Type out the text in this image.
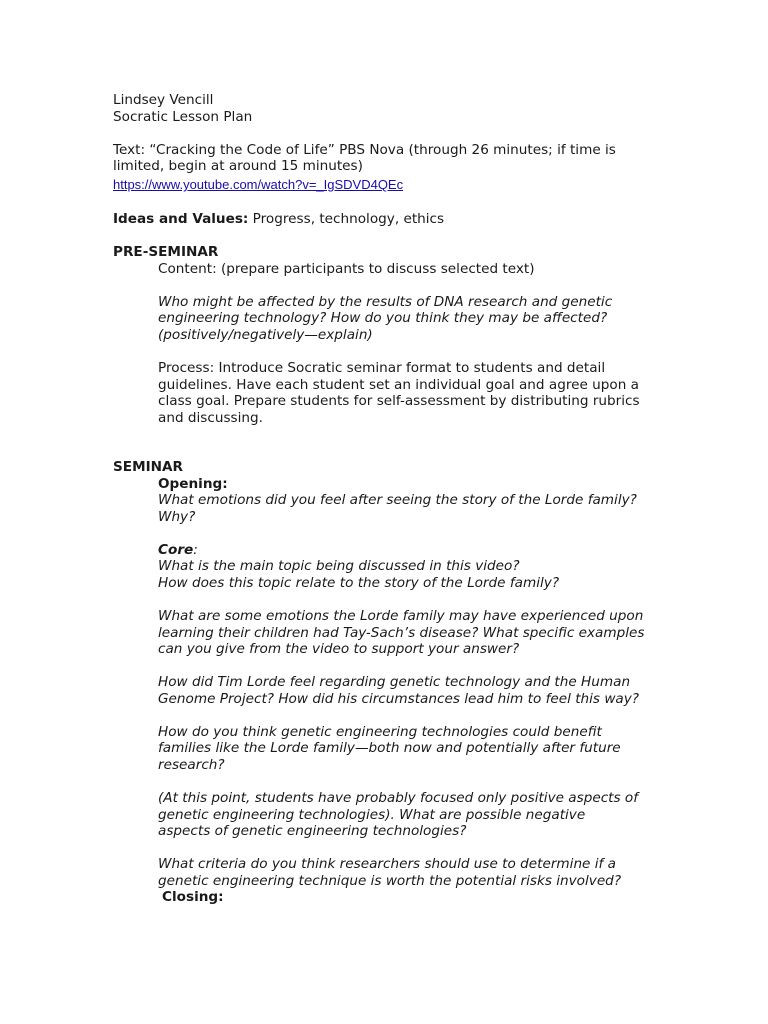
Lindsey Vencill
Socratic Lesson Plan
Text: “Cracking the Code of Life” PBS Nova (through 26 minutes; if time is
limited, begin at around 15 minutes)
https://www.youtube.com/watch?v=_IgSDVD4QEc
Ideas and Values: Progress, technology, ethics
PRE-SEMINAR
Content: (prepare participants to discuss selected text)
Who might be affected by the results of DNA research and genetic
engineering technology? How do you think they may be affected?
(positively/negatively—explain)
Process: Introduce Socratic seminar format to students and detail
guidelines. Have each student set an individual goal and agree upon a
class goal. Prepare students for self-assessment by distributing rubrics
and discussing.
SEMINAR
Opening:
What emotions did you feel after seeing the story of the Lorde family?
Why?
Core:
What is the main topic being discussed in this video?
How does this topic relate to the story of the Lorde family?
What are some emotions the Lorde family may have experienced upon
learning their children had Tay-Sach’s disease? What specific examples
can you give from the video to support your answer?
How did Tim Lorde feel regarding genetic technology and the Human
Genome Project? How did his circumstances lead him to feel this way?
How do you think genetic engineering technologies could benefit
families like the Lorde family—both now and potentially after future
research?
(At this point, students have probably focused only positive aspects of
genetic engineering technologies). What are possible negative
aspects of genetic engineering technologies?
What criteria do you think researchers should use to determine if a
genetic engineering technique is worth the potential risks involved?
Closing:
